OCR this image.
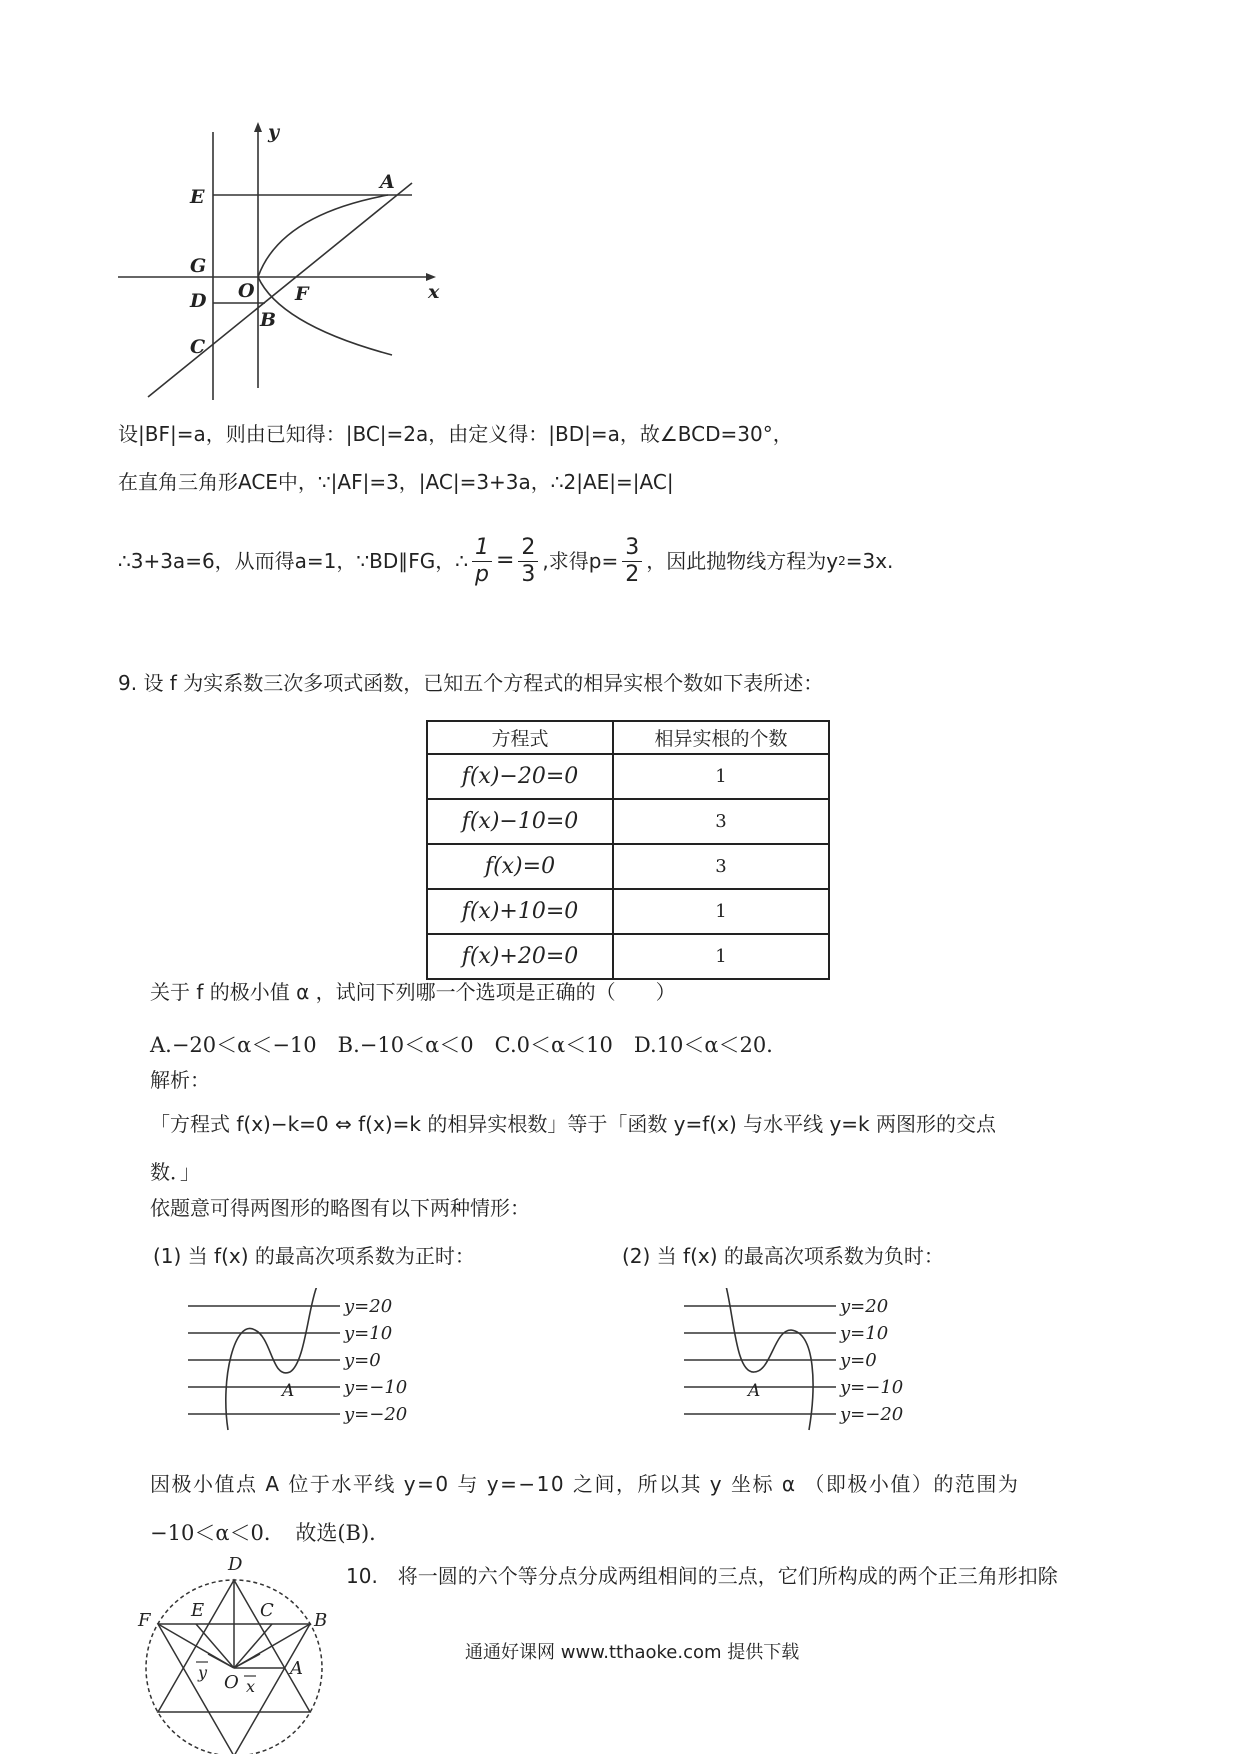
y
x
E
A
G
O
D	F
B
C
设|BF|=a，则由已知得：|BC|=2a，由定义得：|BD|=a，故∠BCD=30°，
在直角三角形ACE中，∵|AF|=3，|AC|=3+3a，∴2|AE|=|AC|
∴3+3a=6，从而得a=1，∵BD∥FG，∴ $\frac{1}{p} = \frac{2}{3}$ ,求得$p= \frac{3}{2}$ ，因此抛物线方程为y 2 =3x.
9. 设 f 为实系数三次多项式函数，已知五个方程式的相异实根个数如下表所述：
方程式	相异实根的个数
f(x)−20=0	1
f(x)−10=0	3
f(x)=0	3
f(x)+10=0	1
f(x)+20=0	1
关于 f 的极小值 α ，试问下列哪一个选项是正确的（　　）
A.−20＜α＜−10　B.−10＜α＜0　C.0＜α＜10　D.10＜α＜20．
解析：
「方程式 f(x)−k=0 ⇔ f(x)=k 的相异实根数」等于「函数 y=f(x) 与水平线 y=k 两图形的交点
数．」
依题意可得两图形的略图有以下两种情形：
(1) 当 f(x) 的最高次项系数为正时：	(2) 当 f(x) 的最高次项系数为负时：
y=20
y=10
y=0
y=−10
y=−20
A
y=20
y=10
y=0
y=−10
y=−20
A
因极小值点 A 位于水平线 y=0 与 y=−10 之间，所以其 y 坐标 α （即极小值）的范围为
−10＜α＜0．　故选(B)．
D
F E	C B
A
O
y
x
10.　将一圆的六个等分点分成两组相间的三点，它们所构成的两个正三角形扣除
通通好课网 www.tthaoke.com 提供下载
